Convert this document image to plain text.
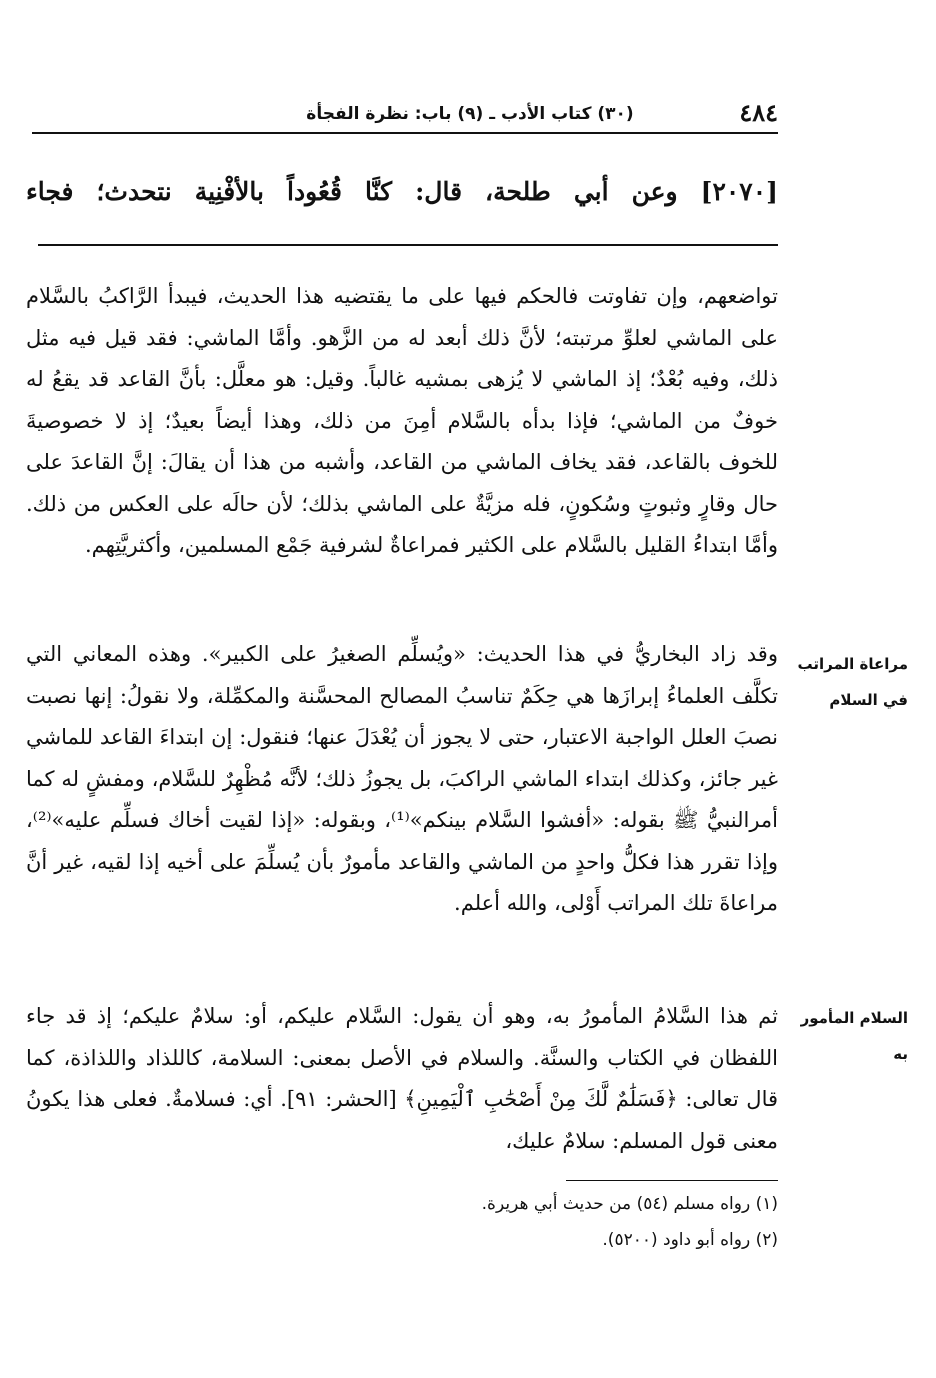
٤٨٤
(٣٠) كتاب الأدب ـ (٩) باب: نظرة الفجأة
[٢٠٧٠] وعن أبي طلحة، قال: كنَّا قُعُوداً بالأفْنِية نتحدث؛ فجاء

تواضعهم، وإن تفاوتت فالحكم فيها على ما يقتضيه هذا الحديث، فيبدأ الرَّاكبُ بالسَّلام على الماشي لعلوِّ مرتبته؛ لأنَّ ذلك أبعد له من الزَّهو. وأمَّا الماشي: فقد قيل فيه مثل ذلك، وفيه بُعْدٌ؛ إذ الماشي لا يُزهى بمشيه غالباً. وقيل: هو معلَّل: بأنَّ القاعد قد يقعُ له خوفٌ من الماشي؛ فإذا بدأه بالسَّلام أمِنَ من ذلك، وهذا أيضاً بعيدٌ؛ إذ لا خصوصيةَ للخوف بالقاعد، فقد يخاف الماشي من القاعد، وأشبه من هذا أن يقالَ: إنَّ القاعدَ على حال وقارٍ وثبوتٍ وسُكونٍ، فله مزيَّةٌ على الماشي بذلك؛ لأن حالَه على العكس من ذلك. وأمَّا ابتداءُ القليل بالسَّلام على الكثير فمراعاةٌ لشرفية جَمْع المسلمين، وأكثريَّتِهم.

مراعاة المراتب في السلام

وقد زاد البخاريُّ في هذا الحديث: «ويُسلِّم الصغيرُ على الكبير». وهذه المعاني التي تكلَّف العلماءُ إبرازَها هي حِكَمٌ تناسبُ المصالح المحسَّنة والمكمِّلة، ولا نقولُ: إنها نصبت نصبَ العلل الواجبة الاعتبار، حتى لا يجوز أن يُعْدَلَ عنها؛ فنقول: إن ابتداءَ القاعد للماشي غير جائز، وكذلك ابتداء الماشي الراكبَ، بل يجوزُ ذلك؛ لأنَّه مُظْهِرٌ للسَّلام، ومفشٍ له كما أمرالنبيُّ ﷺ بقوله: «أفشوا السَّلام بينكم»⁽¹⁾، وبقوله: «إذا لقيت أخاك فسلِّم عليه»⁽²⁾، وإذا تقرر هذا فكلُّ واحدٍ من الماشي والقاعد مأمورٌ بأن يُسلِّمَ على أخيه إذا لقيه، غير أنَّ مراعاةَ تلك المراتب أَوْلى، والله أعلم.

السلام المأمور به

ثم هذا السَّلامُ المأمورُ به، وهو أن يقول: السَّلام عليكم، أو: سلامٌ عليكم؛ إذ قد جاء اللفظان في الكتاب والسنَّة. والسلام في الأصل بمعنى: السلامة، كاللذاد واللذاذة، كما قال تعالى: ﴿فَسَلَٰمٌ لَّكَ مِنْ أَصْحَٰبِ ٱلْيَمِينِ﴾ [الحشر: ٩١]. أي: فسلامةٌ. فعلى هذا يكونُ معنى قول المسلم: سلامٌ عليك،

(١) رواه مسلم (٥٤) من حديث أبي هريرة.
(٢) رواه أبو داود (٥٢٠٠).
